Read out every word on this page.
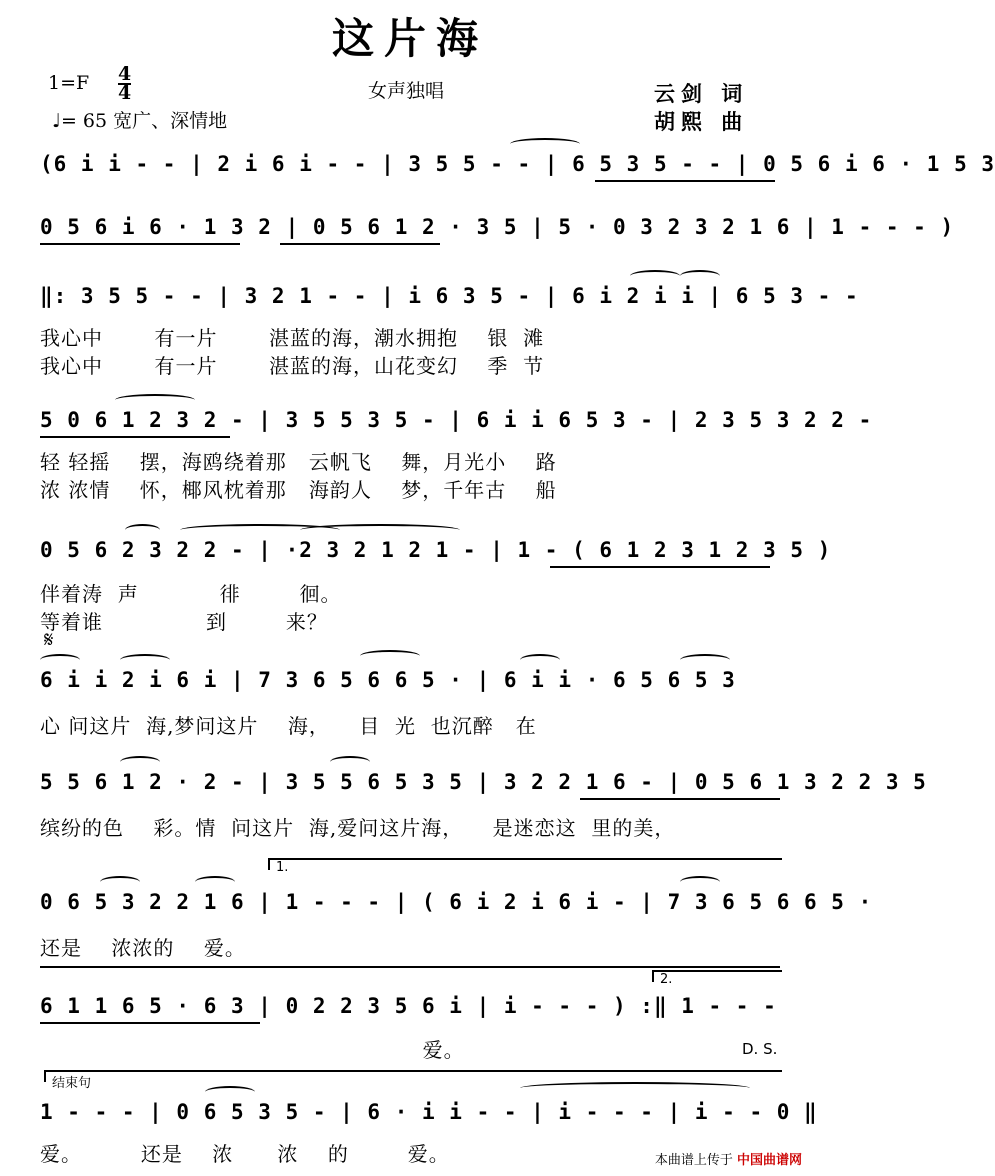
这片海
1=F 4
4	女声独唱	云剑 词
♩= 65 宽广、深情地	胡熙 曲
(6 i i - - | 2 i 6 i - - | 3 5 5 - - | 6 5 3 5 - - | 0 5 6 i 6 · 1 5 3
0 5 6 i 6 · 1 3 2 | 0 5 6 1 2 · 3 5 | 5 · 0 3 2 3 2 1 6 | 1 - - - )
‖: 3 5 5 - - | 3 2 1 - - | i 6 3 5 - | 6 i 2 i i | 6 5 3 - -
我心中       有一片       湛蓝的海，潮水拥抱    银  滩
我心中       有一片       湛蓝的海，山花变幻    季  节
5 0 6 1 2 3 2 - | 3 5 5 3 5 - | 6 i i 6 5 3 - | 2 3 5 3 2 2 -
轻 轻摇    摆，海鸥绕着那   云帆飞    舞，月光小    路
浓 浓情    怀，椰风枕着那   海韵人    梦，千年古    船
0 5 6 2 3 2 2 - | ·2 3 2 1 2 1 - | 1 - ( 6 1 2 3 1 2 3 5 )
伴着涛  声           徘        徊。
等着谁              到        来？
𝄋
6 i i 2 i 6 i | 7 3 6 5 6 6 5 · | 6 i i · 6 5 6 5 3
心 问这片  海,梦问这片    海，    目  光  也沉醉   在
5 5 6 1 2 · 2 - | 3 5 5 6 5 3 5 | 3 2 2 1 6 - | 0 5 6 1 3 2 2 3 5
缤纷的色    彩。情  问这片  海,爱问这片海，    是迷恋这  里的美，
1.
0 6 5 3 2 2 1 6 | 1 - - - | ( 6 i 2 i 6 i - | 7 3 6 5 6 6 5 ·
还是    浓浓的    爱。
2.
6 1 1 6 5 · 6 3 | 0 2 2 3 5 6 i | i - - - ) :‖ 1 - - -
爱。	D. S.
结束句
1 - - - | 0 6 5 3 5 - | 6 · i i - - | i - - - | i - - 0 ‖
爱。        还是    浓      浓    的        爱。	本曲谱上传于 中国曲谱网
